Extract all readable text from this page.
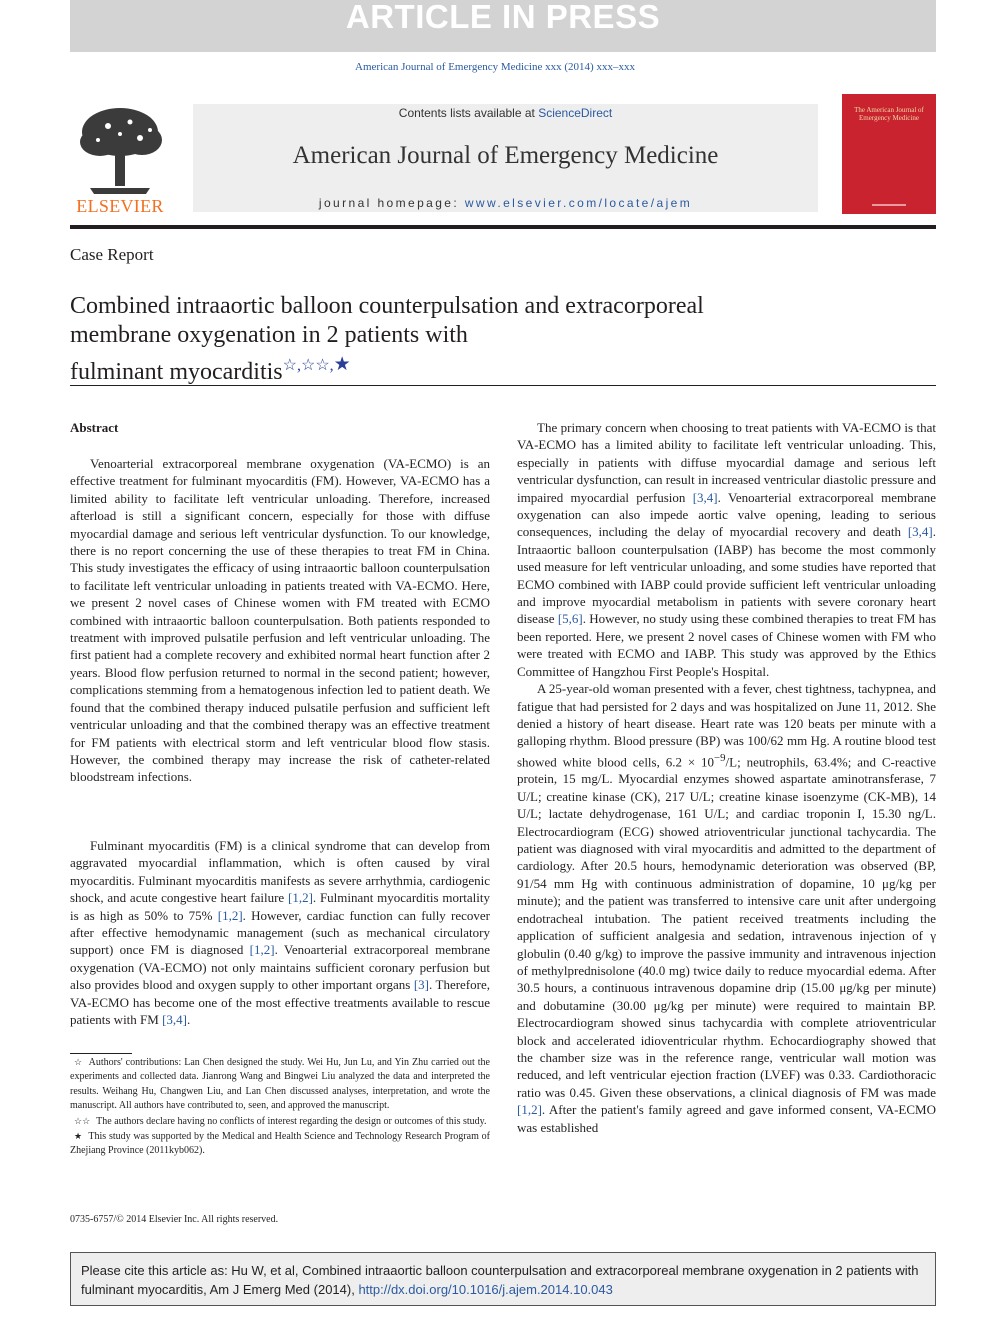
ARTICLE IN PRESS
American Journal of Emergency Medicine xxx (2014) xxx–xxx
ELSEVIER
Contents lists available at ScienceDirect
American Journal of Emergency Medicine
journal homepage: www.elsevier.com/locate/ajem
The American Journal of Emergency Medicine
Case Report
Combined intraaortic balloon counterpulsation and extracorporeal
membrane oxygenation in 2 patients with
fulminant myocarditis☆,☆☆,★
Abstract

Venoarterial extracorporeal membrane oxygenation (VA-ECMO) is an effective treatment for fulminant myocarditis (FM). However, VA-ECMO has a limited ability to facilitate left ventricular unloading. Therefore, increased afterload is still a significant concern, especially for those with diffuse myocardial damage and serious left ventricular dysfunction. To our knowledge, there is no report concerning the use of these therapies to treat FM in China. This study investigates the efficacy of using intraaortic balloon counterpulsation to facilitate left ventricular unloading in patients treated with VA-ECMO. Here, we present 2 novel cases of Chinese women with FM treated with ECMO combined with intraaortic balloon counterpulsation. Both patients responded to treatment with improved pulsatile perfusion and left ventricular unloading. The first patient had a complete recovery and exhibited normal heart function after 2 years. Blood flow perfusion returned to normal in the second patient; however, complications stemming from a hematogenous infection led to patient death. We found that the combined therapy induced pulsatile perfusion and sufficient left ventricular unloading and that the combined therapy was an effective treatment for FM patients with electrical storm and left ventricular blood flow stasis. However, the combined therapy may increase the risk of catheter-related bloodstream infections.

Fulminant myocarditis (FM) is a clinical syndrome that can develop from aggravated myocardial inflammation, which is often caused by viral myocarditis. Fulminant myocarditis manifests as severe arrhythmia, cardiogenic shock, and acute congestive heart failure [1,2]. Fulminant myocarditis mortality is as high as 50% to 75% [1,2]. However, cardiac function can fully recover after effective hemodynamic management (such as mechanical circulatory support) once FM is diagnosed [1,2]. Venoarterial extracorporeal membrane oxygenation (VA-ECMO) not only maintains sufficient coronary perfusion but also provides blood and oxygen supply to other important organs [3]. Therefore, VA-ECMO has become one of the most effective treatments available to rescue patients with FM [3,4].

The primary concern when choosing to treat patients with VA-ECMO is that VA-ECMO has a limited ability to facilitate left ventricular unloading. This, especially in patients with diffuse myocardial damage and serious left ventricular dysfunction, can result in increased ventricular diastolic pressure and impaired myocardial perfusion [3,4]. Venoarterial extracorporeal membrane oxygenation can also impede aortic valve opening, leading to serious consequences, including the delay of myocardial recovery and death [3,4]. Intraaortic balloon counterpulsation (IABP) has become the most commonly used measure for left ventricular unloading, and some studies have reported that ECMO combined with IABP could provide sufficient left ventricular unloading and improve myocardial metabolism in patients with severe coronary heart disease [5,6]. However, no study using these combined therapies to treat FM has been reported. Here, we present 2 novel cases of Chinese women with FM who were treated with ECMO and IABP. This study was approved by the Ethics Committee of Hangzhou First People's Hospital.

A 25-year-old woman presented with a fever, chest tightness, tachypnea, and fatigue that had persisted for 2 days and was hospitalized on June 11, 2012. She denied a history of heart disease. Heart rate was 120 beats per minute with a galloping rhythm. Blood pressure (BP) was 100/62 mm Hg. A routine blood test showed white blood cells, $6.2 \times 10^{-9}/L$; neutrophils, 63.4%; and C-reactive protein, 15 mg/L. Myocardial enzymes showed aspartate aminotransferase, 7 U/L; creatine kinase (CK), 217 U/L; creatine kinase isoenzyme (CK-MB), 14 U/L; lactate dehydrogenase, 161 U/L; and cardiac troponin I, 15.30 ng/L. Electrocardiogram (ECG) showed atrioventricular junctional tachycardia. The patient was diagnosed with viral myocarditis and admitted to the department of cardiology. After 20.5 hours, hemodynamic deterioration was observed (BP, 91/54 mm Hg with continuous administration of dopamine, 10 μg/kg per minute); and the patient was transferred to intensive care unit after undergoing endotracheal intubation. The patient received treatments including the application of sufficient analgesia and sedation, intravenous injection of γ globulin (0.40 g/kg) to improve the passive immunity and intravenous injection of methylprednisolone (40.0 mg) twice daily to reduce myocardial edema. After 30.5 hours, a continuous intravenous dopamine drip (15.00 μg/kg per minute) and dobutamine (30.00 μg/kg per minute) were required to maintain BP. Electrocardiogram showed sinus tachycardia with complete atrioventricular block and accelerated idioventricular rhythm. Echocardiography showed that the chamber size was in the reference range, ventricular wall motion was reduced, and left ventricular ejection fraction (LVEF) was 0.33. Cardiothoracic ratio was 0.45. Given these observations, a clinical diagnosis of FM was made [1,2]. After the patient's family agreed and gave informed consent, VA-ECMO was established

☆ Authors' contributions: Lan Chen designed the study. Wei Hu, Jun Lu, and Yin Zhu carried out the experiments and collected data. Jianrong Wang and Bingwei Liu analyzed the data and interpreted the results. Weihang Hu, Changwen Liu, and Lan Chen discussed analyses, interpretation, and wrote the manuscript. All authors have contributed to, seen, and approved the manuscript.
☆☆ The authors declare having no conflicts of interest regarding the design or outcomes of this study.
★ This study was supported by the Medical and Health Science and Technology Research Program of Zhejiang Province (2011kyb062).
0735-6757/© 2014 Elsevier Inc. All rights reserved.
Please cite this article as: Hu W, et al, Combined intraaortic balloon counterpulsation and extracorporeal membrane oxygenation in 2 patients with fulminant myocarditis, Am J Emerg Med (2014), http://dx.doi.org/10.1016/j.ajem.2014.10.043
